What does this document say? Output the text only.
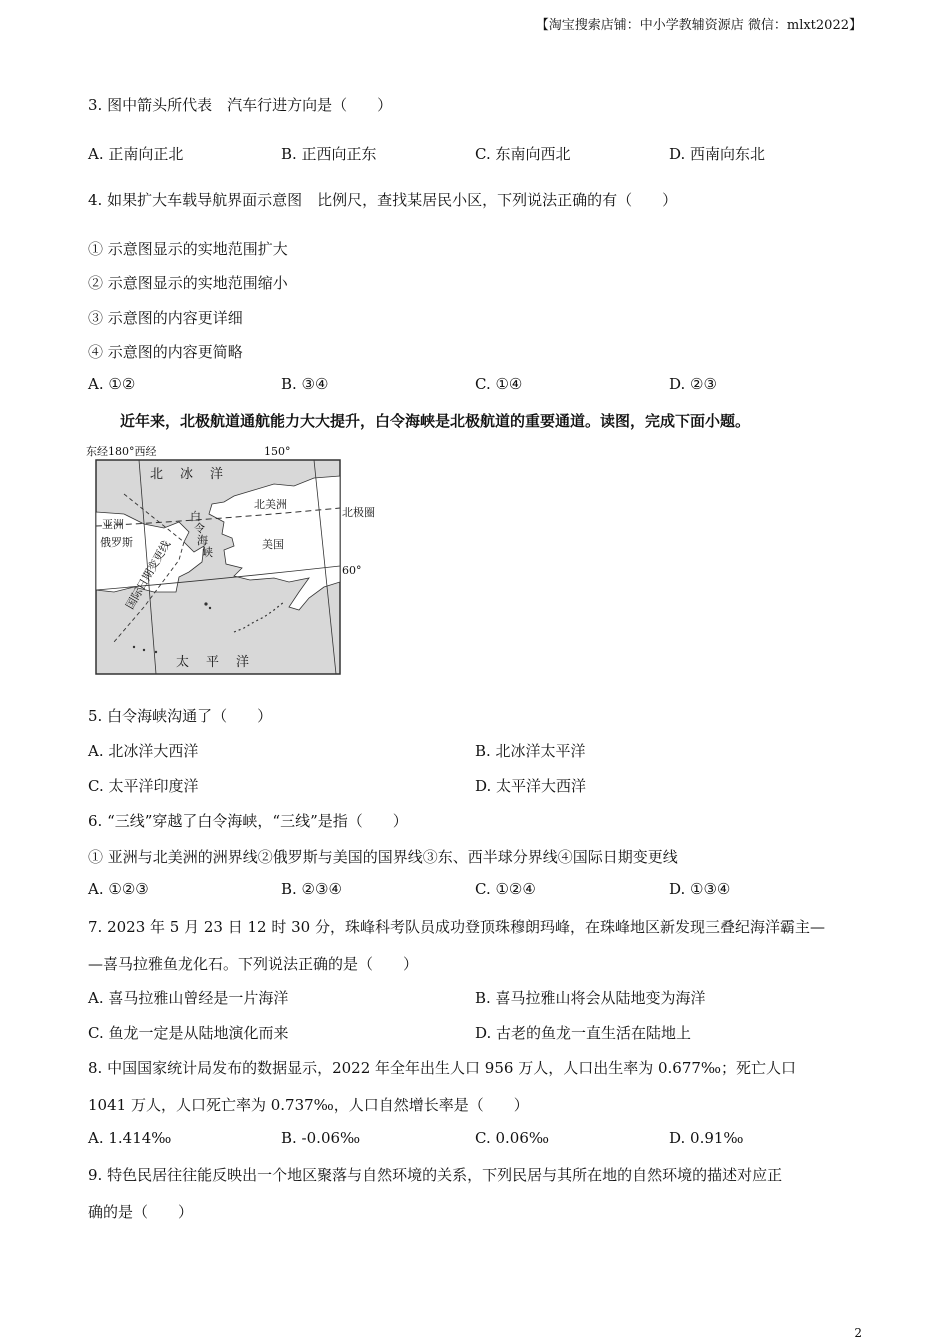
【淘宝搜索店铺：中小学教辅资源店 微信：mlxt2022】
3. 图中箭头所代表　汽车行进方向是（　　）
A. 正南向正北	B. 正西向正东	C. 东南向西北	D. 西南向东北
4. 如果扩大车载导航界面示意图　比例尺，查找某居民小区，下列说法正确的有（　　）
① 示意图显示的实地范围扩大
② 示意图显示的实地范围缩小
③ 示意图的内容更详细
④ 示意图的内容更简略
A. ①②	B. ③④	C. ①④	D. ②③
近年来，北极航道通航能力大大提升，白令海峡是北极航道的重要通道。读图，完成下面小题。
东经180°西经	150°
国际日期变更线
北　冰　洋
北美洲
北极圈
亚洲
俄罗斯
白
令
海
峡
美国
60°
太　平　洋
5. 白令海峡沟通了（　　）
A. 北冰洋大西洋	B. 北冰洋太平洋
C. 太平洋印度洋	D. 太平洋大西洋
6. “三线”穿越了白令海峡，“三线”是指（　　）
① 亚洲与北美洲的洲界线②俄罗斯与美国的国界线③东、西半球分界线④国际日期变更线
A. ①②③	B. ②③④	C. ①②④	D. ①③④
7. 2023 年 5 月 23 日 12 时 30 分，珠峰科考队员成功登顶珠穆朗玛峰，在珠峰地区新发现三叠纪海洋霸主—
—喜马拉雅鱼龙化石。下列说法正确的是（　　）
A. 喜马拉雅山曾经是一片海洋	B. 喜马拉雅山将会从陆地变为海洋
C. 鱼龙一定是从陆地演化而来	D. 古老的鱼龙一直生活在陆地上
8. 中国国家统计局发布的数据显示，2022 年全年出生人口 956 万人，人口出生率为 0.677‰；死亡人口
1041 万人，人口死亡率为 0.737‰，人口自然增长率是（　　）
A. 1.414‰	B. -0.06‰	C. 0.06‰	D. 0.91‰
9. 特色民居往往能反映出一个地区聚落与自然环境的关系，下列民居与其所在地的自然环境的描述对应正
确的是（　　）
2
